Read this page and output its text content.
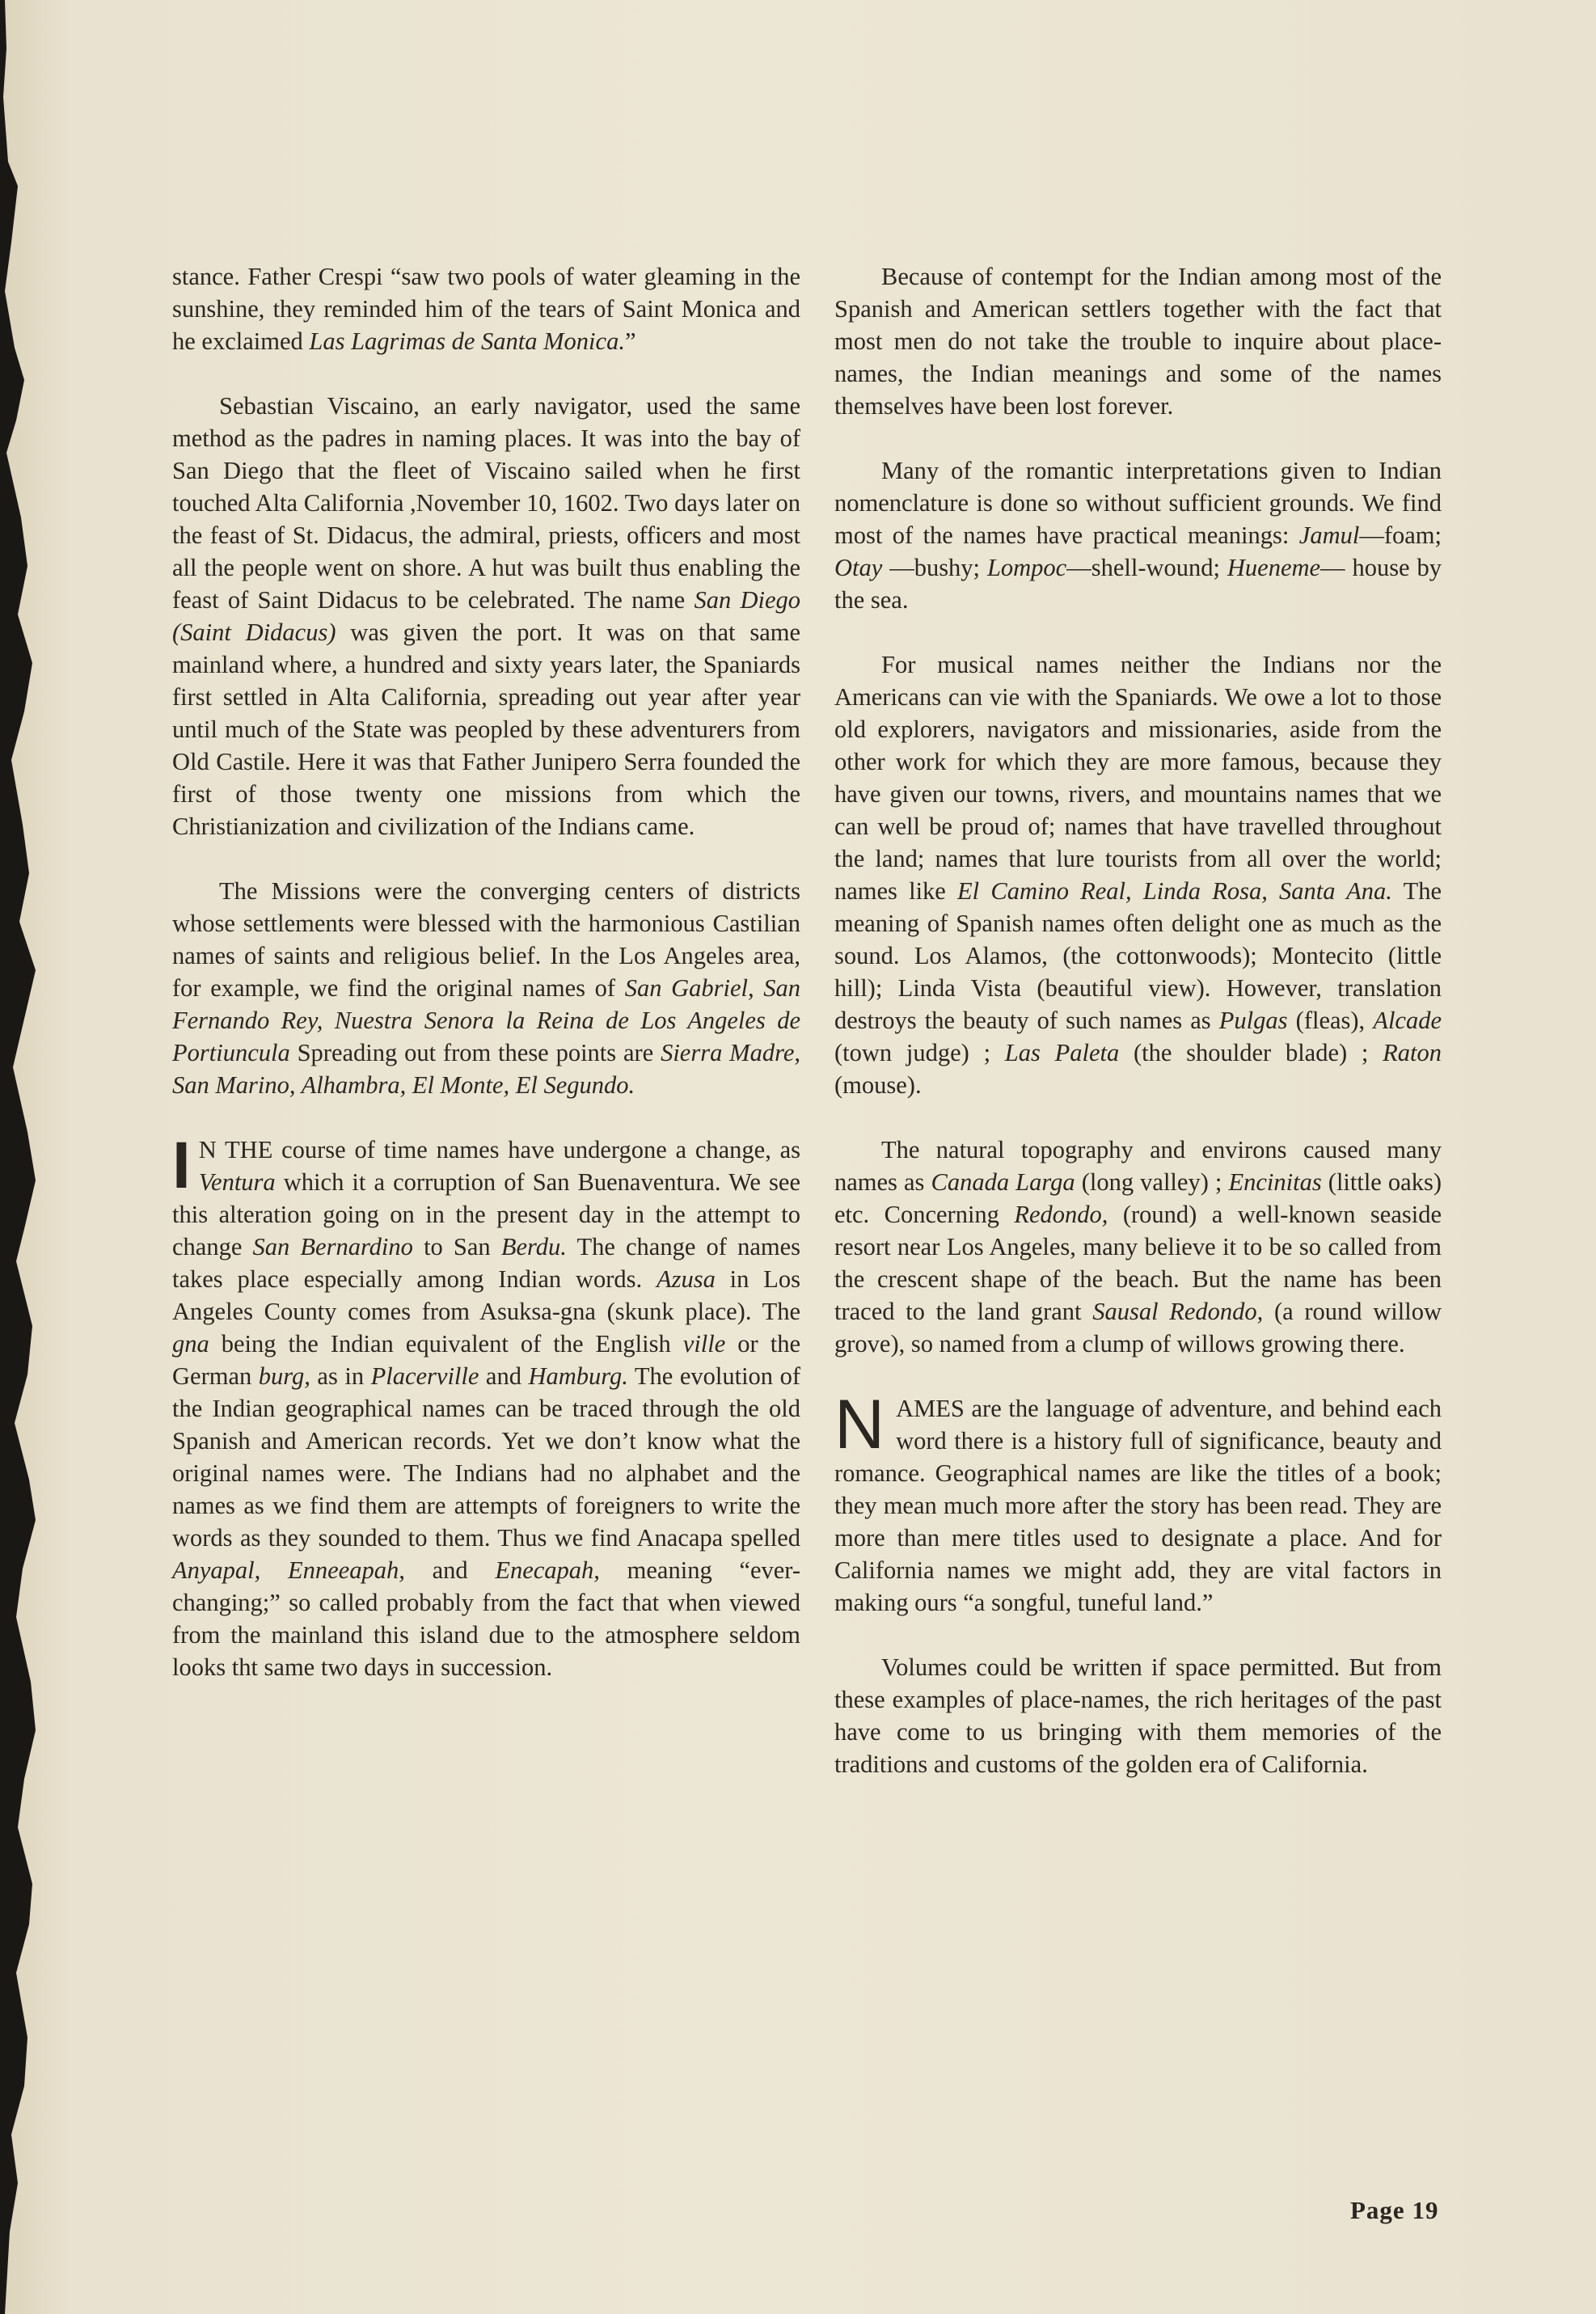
stance. Father Crespi “saw two pools of water gleaming in the sunshine, they reminded him of the tears of Saint Monica and he exclaimed Las Lagrimas de Santa Monica.”

Sebastian Viscaino, an early navigator, used the same method as the padres in naming places. It was into the bay of San Diego that the fleet of Viscaino sailed when he first touched Alta California ,November 10, 1602. Two days later on the feast of St. Didacus, the admiral, priests, officers and most all the people went on shore. A hut was built thus enabling the feast of Saint Didacus to be celebrated. The name San Diego (Saint Didacus) was given the port. It was on that same mainland where, a hundred and sixty years later, the Spaniards first settled in Alta California, spreading out year after year until much of the State was peopled by these adventurers from Old Castile. Here it was that Father Junipero Serra founded the first of those twenty one missions from which the Christianization and civilization of the Indians came.

The Missions were the converging centers of districts whose settlements were blessed with the harmonious Castilian names of saints and religious belief. In the Los Angeles area, for example, we find the original names of San Gabriel, San Fernando Rey, Nuestra Senora la Reina de Los Angeles de Portiuncula Spreading out from these points are Sierra Madre, San Marino, Alhambra, El Monte, El Segundo.

I N THE course of time names have undergone a change, as Ventura which it a corruption of San Buenaventura. We see this alteration going on in the present day in the attempt to change San Bernardino to San Berdu. The change of names takes place especially among Indian words. Azusa in Los Angeles County comes from Asuksa-gna (skunk place). The gna being the Indian equivalent of the English ville or the German burg, as in Placerville and Hamburg. The evolution of the Indian geographical names can be traced through the old Spanish and American records. Yet we don’t know what the original names were. The Indians had no alphabet and the names as we find them are attempts of foreigners to write the words as they sounded to them. Thus we find Anacapa spelled Anyapal, Enneeapah, and Enecapah, meaning “ever-changing;” so called probably from the fact that when viewed from the mainland this island due to the atmosphere seldom looks tht same two days in succession.

Because of contempt for the Indian among most of the Spanish and American settlers together with the fact that most men do not take the trouble to inquire about place-names, the Indian meanings and some of the names themselves have been lost forever.

Many of the romantic interpretations given to Indian nomenclature is done so without sufficient grounds. We find most of the names have practical meanings: Jamul—foam; Otay —bushy; Lompoc—shell-wound; Hueneme— house by the sea.

For musical names neither the Indians nor the Americans can vie with the Spaniards. We owe a lot to those old explorers, navigators and missionaries, aside from the other work for which they are more famous, because they have given our towns, rivers, and mountains names that we can well be proud of; names that have travelled throughout the land; names that lure tourists from all over the world; names like El Camino Real, Linda Rosa, Santa Ana. The meaning of Spanish names often delight one as much as the sound. Los Alamos, (the cottonwoods); Montecito (little hill); Linda Vista (beautiful view). However, translation destroys the beauty of such names as Pulgas (fleas), Alcade (town judge) ; Las Paleta (the shoulder blade) ; Raton (mouse).

The natural topography and environs caused many names as Canada Larga (long valley) ; Encinitas (little oaks) etc. Concerning Redondo, (round) a well-known seaside resort near Los Angeles, many believe it to be so called from the crescent shape of the beach. But the name has been traced to the land grant Sausal Redondo, (a round willow grove), so named from a clump of willows growing there.

NAMES are the language of adventure, and behind each word there is a history full of significance, beauty and romance. Geographical names are like the titles of a book; they mean much more after the story has been read. They are more than mere titles used to designate a place. And for California names we might add, they are vital factors in making ours “a songful, tuneful land.”

Volumes could be written if space permitted. But from these examples of place-names, the rich heritages of the past have come to us bringing with them memories of the traditions and customs of the golden era of California.

Page 19
